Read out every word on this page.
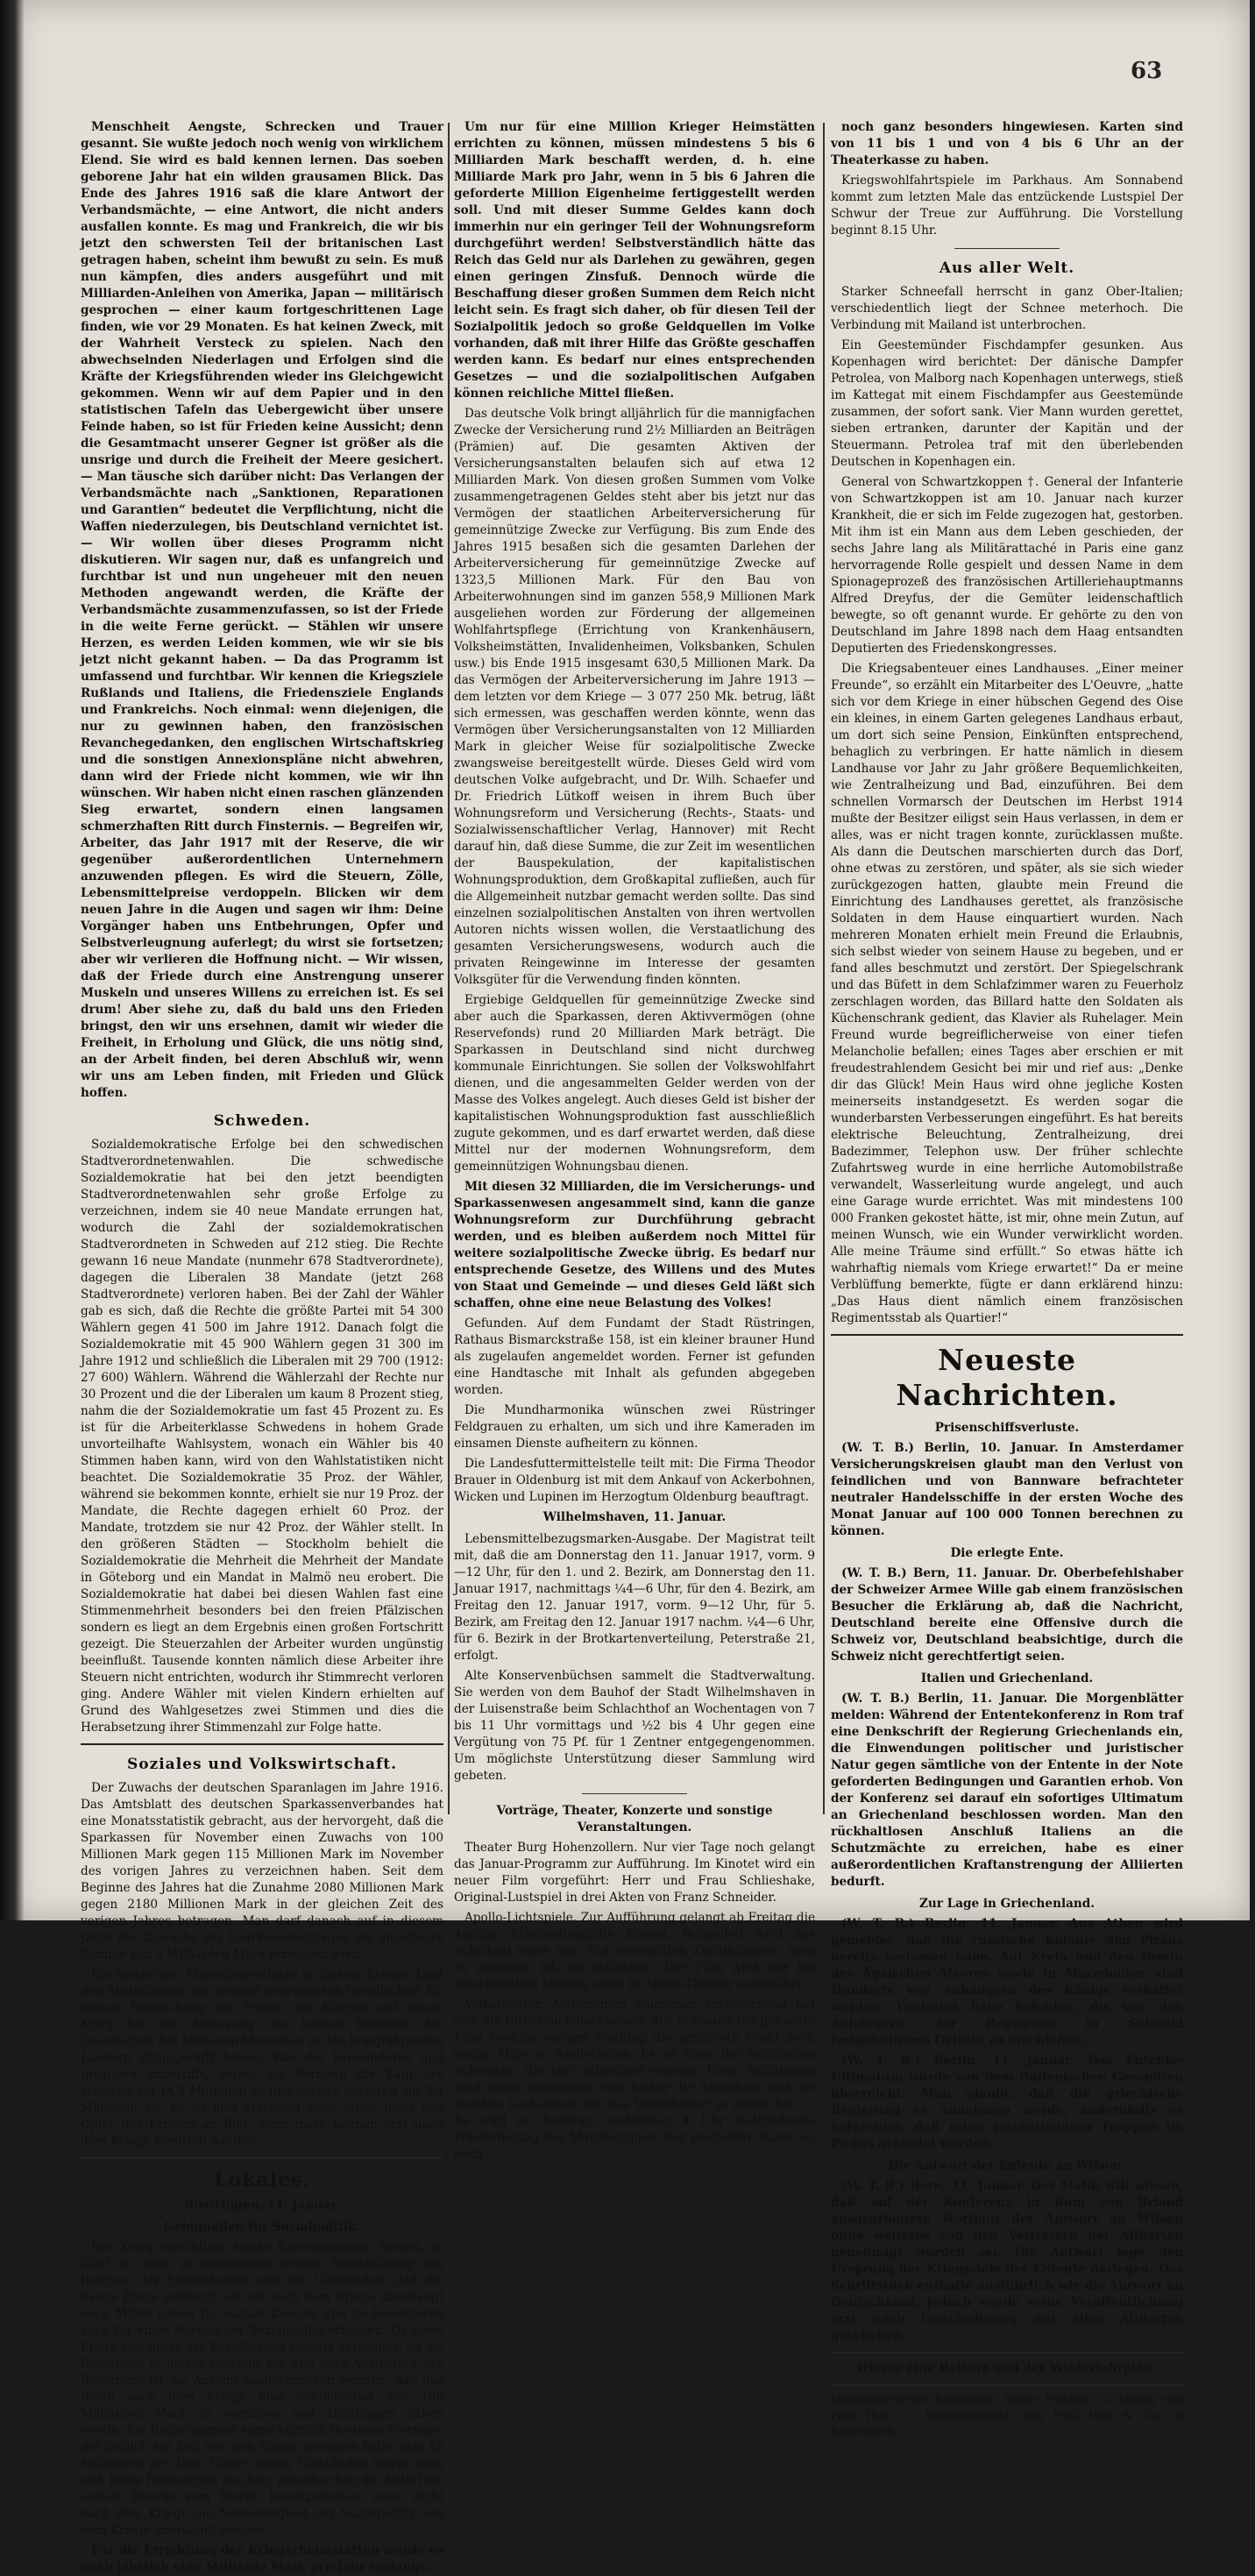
63

Menschheit Aengste, Schrecken und Trauer gesannt. Sie wußte jedoch noch wenig von wirklichem Elend. Sie wird es bald kennen lernen. Das soeben geborene Jahr hat ein wilden grausamen Blick. Das Ende des Jahres 1916 saß die klare Antwort der Verbandsmächte, — eine Antwort, die nicht anders ausfallen konnte. Es mag und Frankreich, die wir bis jetzt den schwersten Teil der britanischen Last getragen haben, scheint ihm bewußt zu sein. Es muß nun kämpfen, dies anders ausgeführt und mit Milliarden-Anleihen von Amerika, Japan — militärisch gesprochen — einer kaum fortgeschrittenen Lage finden, wie vor 29 Monaten. Es hat keinen Zweck, mit der Wahrheit Versteck zu spielen. Nach den abwechselnden Niederlagen und Erfolgen sind die Kräfte der Kriegsführenden wieder ins Gleichgewicht gekommen. Wenn wir auf dem Papier und in den statistischen Tafeln das Uebergewicht über unsere Feinde haben, so ist für Frieden keine Aussicht; denn die Gesamtmacht unserer Gegner ist größer als die unsrige und durch die Freiheit der Meere gesichert. — Man täusche sich darüber nicht: Das Verlangen der Verbandsmächte nach „Sanktionen, Reparationen und Garantien“ bedeutet die Verpflichtung, nicht die Waffen niederzulegen, bis Deutschland vernichtet ist. — Wir wollen über dieses Programm nicht diskutieren. Wir sagen nur, daß es unfangreich und furchtbar ist und nun ungeheuer mit den neuen Methoden angewandt werden, die Kräfte der Verbandsmächte zusammenzufassen, so ist der Friede in die weite Ferne gerückt. — Stählen wir unsere Herzen, es werden Leiden kommen, wie wir sie bis jetzt nicht gekannt haben. — Da das Programm ist umfassend und furchtbar. Wir kennen die Kriegsziele Rußlands und Italiens, die Friedensziele Englands und Frankreichs. Noch einmal: wenn diejenigen, die nur zu gewinnen haben, den französischen Revanchegedanken, den englischen Wirtschaftskrieg und die sonstigen Annexionspläne nicht abwehren, dann wird der Friede nicht kommen, wie wir ihn wünschen. Wir haben nicht einen raschen glänzenden Sieg erwartet, sondern einen langsamen schmerzhaften Ritt durch Finsternis. — Begreifen wir, Arbeiter, das Jahr 1917 mit der Reserve, die wir gegenüber außerordentlichen Unternehmern anzuwenden pflegen. Es wird die Steuern, Zölle, Lebensmittelpreise verdoppeln. Blicken wir dem neuen Jahre in die Augen und sagen wir ihm: Deine Vorgänger haben uns Entbehrungen, Opfer und Selbstverleugnung auferlegt; du wirst sie fortsetzen; aber wir verlieren die Hoffnung nicht. — Wir wissen, daß der Friede durch eine Anstrengung unserer Muskeln und unseres Willens zu erreichen ist. Es sei drum! Aber siehe zu, daß du bald uns den Frieden bringst, den wir uns ersehnen, damit wir wieder die Freiheit, in Erholung und Glück, die uns nötig sind, an der Arbeit finden, bei deren Abschluß wir, wenn wir uns am Leben finden, mit Frieden und Glück hoffen.

Schweden.

Sozialdemokratische Erfolge bei den schwedischen Stadtverordnetenwahlen. Die schwedische Sozialdemokratie hat bei den jetzt beendigten Stadtverordnetenwahlen sehr große Erfolge zu verzeichnen, indem sie 40 neue Mandate errungen hat, wodurch die Zahl der sozialdemokratischen Stadtverordneten in Schweden auf 212 stieg. Die Rechte gewann 16 neue Mandate (nunmehr 678 Stadtverordnete), dagegen die Liberalen 38 Mandate (jetzt 268 Stadtverordnete) verloren haben. Bei der Zahl der Wähler gab es sich, daß die Rechte die größte Partei mit 54 300 Wählern gegen 41 500 im Jahre 1912. Danach folgt die Sozialdemokratie mit 45 900 Wählern gegen 31 300 im Jahre 1912 und schließlich die Liberalen mit 29 700 (1912: 27 600) Wählern. Während die Wählerzahl der Rechte nur 30 Prozent und die der Liberalen um kaum 8 Prozent stieg, nahm die der Sozialdemokratie um fast 45 Prozent zu. Es ist für die Arbeiterklasse Schwedens in hohem Grade unvorteilhafte Wahlsystem, wonach ein Wähler bis 40 Stimmen haben kann, wird von den Wahlstatistiken nicht beachtet. Die Sozialdemokratie 35 Proz. der Wähler, während sie bekommen konnte, erhielt sie nur 19 Proz. der Mandate, die Rechte dagegen erhielt 60 Proz. der Mandate, trotzdem sie nur 42 Proz. der Wähler stellt. In den größeren Städten — Stockholm behielt die Sozialdemokratie die Mehrheit die Mehrheit der Mandate in Göteborg und ein Mandat in Malmö neu erobert. Die Sozialdemokratie hat dabei bei diesen Wahlen fast eine Stimmenmehrheit besonders bei den freien Pfälzischen sondern es liegt an dem Ergebnis einen großen Fortschritt gezeigt. Die Steuerzahlen der Arbeiter wurden ungünstig beeinflußt. Tausende konnten nämlich diese Arbeiter ihre Steuern nicht entrichten, wodurch ihr Stimmrecht verloren ging. Andere Wähler mit vielen Kindern erhielten auf Grund des Wahlgesetzes zwei Stimmen und dies die Herabsetzung ihrer Stimmenzahl zur Folge hatte.

Soziales und Volkswirtschaft.

Der Zuwachs der deutschen Sparanlagen im Jahre 1916. Das Amtsblatt des deutschen Sparkassenverbandes hat eine Monatsstatistik gebracht, aus der hervorgeht, daß die Sparkassen für November einen Zuwachs von 100 Millionen Mark gegen 115 Millionen Mark im November des vorigen Jahres zu verzeichnen haben. Seit dem Beginne des Jahres hat die Zunahme 2080 Millionen Mark gegen 2180 Millionen Mark in der gleichen Zeit des vorigen Jahres betragen. Man darf danach auf in diesem Jahre der Zuwachs der Sparkasseneinlagen die ungeheure Summe von 3 Milliarden Mark erreichen wird.

Die bisherigen Menschenverluste in diesem Kriege. Laut den Mitteilungen der neutral gegründeten Gesellschaft für soziale Erforschung der Folgen des Krieges soll dieser Krieg bis zur Ablassung des letzten Bulletins der Gesellschaft 4,6 Millionen Menschen in den kriegführenden Ländern dahingerafft haben. Was die Verwundeten und Invaliden anbetrifft, geben die Berichte die Zahl der ersteren auf 14,2 Millionen an und die der letzteren auf 3,4 Millionen an. Es ist also erschöpft noch lange nicht alle Opfer des Krieges an Blut, denn diese können erst nach dem Kriege ermittelt werden.

Lokales.
Rüstringen, 11. Januar.
Geldquellen für Sozialpolitik.

Der Krieg verschlingt solche Riesensummen, Geldes, er führt zu einer so ungeheuren großen Verschuldung des Reiches, der Einzelstaaten und der Gemeinden, daß die bange Frage aufsteigt, ob wir nach dem Kriege überhaupt noch Mittel haben für soziale Zwecke und im besonderen auch für einen Ausbau der Sozialpolitik erlauben. Da diese Frage sich unter der Bevölkerung ständig verbreitet, ob die Regierung in dieser Hinsicht vor und nach Vertretern der Regierung ist die Ansicht ausgesprochen worden, daß das Reich nach dem Kriege eine Schuldenlast von 100 Milliarden Mark zu verzinsen und abzutragen haben werde. Ein Regierungsrat sagte kürzlich in einem Vortrage, der freilich zur Zeit vor dem Kriege betragen habe, also 12 Milliarden pro Jahr. Unter diesen Umständen werde man sich keine Hoffnungen machen, jedoch schon die Mittel für soziale Zwecke vom Reiche bereitzustellen, wenn nicht nach dem Kriege die Notwendigkeit der Sozialpolitik von dem Kriege anerkannt werden.

Für die Errichtung der Kriegerheimstätten würde es auch jährlich eine Milliarde Mark pro Jahr verlangt.

Um nur für eine Million Krieger Heimstätten errichten zu können, müssen mindestens 5 bis 6 Milliarden Mark beschafft werden, d. h. eine Milliarde Mark pro Jahr, wenn in 5 bis 6 Jahren die geforderte Million Eigenheime fertiggestellt werden soll. Und mit dieser Summe Geldes kann doch immerhin nur ein geringer Teil der Wohnungsreform durchgeführt werden! Selbstverständlich hätte das Reich das Geld nur als Darlehen zu gewähren, gegen einen geringen Zinsfuß. Dennoch würde die Beschaffung dieser großen Summen dem Reich nicht leicht sein. Es fragt sich daher, ob für diesen Teil der Sozialpolitik jedoch so große Geldquellen im Volke vorhanden, daß mit ihrer Hilfe das Größte geschaffen werden kann. Es bedarf nur eines entsprechenden Gesetzes — und die sozialpolitischen Aufgaben können reichliche Mittel fließen.

Das deutsche Volk bringt alljährlich für die mannigfachen Zwecke der Versicherung rund 2½ Milliarden an Beiträgen (Prämien) auf. Die gesamten Aktiven der Versicherungsanstalten belaufen sich auf etwa 12 Milliarden Mark. Von diesen großen Summen vom Volke zusammengetragenen Geldes steht aber bis jetzt nur das Vermögen der staatlichen Arbeiterversicherung für gemeinnützige Zwecke zur Verfügung. Bis zum Ende des Jahres 1915 besaßen sich die gesamten Darlehen der Arbeiterversicherung für gemeinnützige Zwecke auf 1323,5 Millionen Mark. Für den Bau von Arbeiterwohnungen sind im ganzen 558,9 Millionen Mark ausgeliehen worden zur Förderung der allgemeinen Wohlfahrtspflege (Errichtung von Krankenhäusern, Volksheimstätten, Invalidenheimen, Volksbanken, Schulen usw.) bis Ende 1915 insgesamt 630,5 Millionen Mark. Da das Vermögen der Arbeiterversicherung im Jahre 1913 — dem letzten vor dem Kriege — 3 077 250 Mk. betrug, läßt sich ermessen, was geschaffen werden könnte, wenn das Vermögen über Versicherungsanstalten von 12 Milliarden Mark in gleicher Weise für sozialpolitische Zwecke zwangsweise bereitgestellt würde. Dieses Geld wird vom deutschen Volke aufgebracht, und Dr. Wilh. Schaefer und Dr. Friedrich Lütkoff weisen in ihrem Buch über Wohnungsreform und Versicherung (Rechts-, Staats- und Sozialwissenschaftlicher Verlag, Hannover) mit Recht darauf hin, daß diese Summe, die zur Zeit im wesentlichen der Bauspekulation, der kapitalistischen Wohnungsproduktion, dem Großkapital zufließen, auch für die Allgemeinheit nutzbar gemacht werden sollte. Das sind einzelnen sozialpolitischen Anstalten von ihren wertvollen Autoren nichts wissen wollen, die Verstaatlichung des gesamten Versicherungswesens, wodurch auch die privaten Reingewinne im Interesse der gesamten Volksgüter für die Verwendung finden könnten.

Ergiebige Geldquellen für gemeinnützige Zwecke sind aber auch die Sparkassen, deren Aktivvermögen (ohne Reservefonds) rund 20 Milliarden Mark beträgt. Die Sparkassen in Deutschland sind nicht durchweg kommunale Einrichtungen. Sie sollen der Volkswohlfahrt dienen, und die angesammelten Gelder werden von der Masse des Volkes angelegt. Auch dieses Geld ist bisher der kapitalistischen Wohnungsproduktion fast ausschließlich zugute gekommen, und es darf erwartet werden, daß diese Mittel nur der modernen Wohnungsreform, dem gemeinnützigen Wohnungsbau dienen.

Mit diesen 32 Milliarden, die im Versicherungs- und Sparkassenwesen angesammelt sind, kann die ganze Wohnungsreform zur Durchführung gebracht werden, und es bleiben außerdem noch Mittel für weitere sozialpolitische Zwecke übrig. Es bedarf nur entsprechende Gesetze, des Willens und des Mutes von Staat und Gemeinde — und dieses Geld läßt sich schaffen, ohne eine neue Belastung des Volkes!

Gefunden. Auf dem Fundamt der Stadt Rüstringen, Rathaus Bismarckstraße 158, ist ein kleiner brauner Hund als zugelaufen angemeldet worden. Ferner ist gefunden eine Handtasche mit Inhalt als gefunden abgegeben worden.

Die Mundharmonika wünschen zwei Rüstringer Feldgrauen zu erhalten, um sich und ihre Kameraden im einsamen Dienste aufheitern zu können.

Die Landesfuttermittelstelle teilt mit: Die Firma Theodor Brauer in Oldenburg ist mit dem Ankauf von Ackerbohnen, Wicken und Lupinen im Herzogtum Oldenburg beauftragt.

Wilhelmshaven, 11. Januar.

Lebensmittelbezugsmarken-Ausgabe. Der Magistrat teilt mit, daß die am Donnerstag den 11. Januar 1917, vorm. 9—12 Uhr, für den 1. und 2. Bezirk, am Donnerstag den 11. Januar 1917, nachmittags ¼4—6 Uhr, für den 4. Bezirk, am Freitag den 12. Januar 1917, vorm. 9—12 Uhr, für 5. Bezirk, am Freitag den 12. Januar 1917 nachm. ¼4—6 Uhr, für 6. Bezirk in der Brotkartenverteilung, Peterstraße 21, erfolgt.

Alte Konservenbüchsen sammelt die Stadtverwaltung. Sie werden von dem Bauhof der Stadt Wilhelmshaven in der Luisenstraße beim Schlachthof an Wochentagen von 7 bis 11 Uhr vormittags und ½2 bis 4 Uhr gegen eine Vergütung von 75 Pf. für 1 Zentner entgegengenommen. Um möglichste Unterstützung dieser Sammlung wird gebeten.

Vorträge, Theater, Konzerte und sonstige Veranstaltungen.

Theater Burg Hohenzollern. Nur vier Tage noch gelangt das Januar-Programm zur Aufführung. Im Kinotet wird ein neuer Film vorgeführt: Herr und Frau Schlieshake, Original-Lustspiel in drei Akten von Franz Schneider.

Apollo-Lichtspiele. Zur Aufführung gelangt ab Freitag die 4aktige Kriminaltragödie Kismet. Behandelt wird das Schicksal eines zum Tod verurteilten Zuchthäuslers, dem es gelungen ist, zu entfliehen. Der Film wird nur bis einschließlich Montag allein in Apollo-Theater aufgeführt.

Volkstheater. Allgemeinen Wünschen entsprechend hat sich die Direktion entschlossen, den Schwank Die geborgte Frau (welche vorigen Sonntag die gemietete Frau) noch einige Male zu wiederholen. Es ist einer der leichtesten Schwänke, die hier aufgeführt wurden. Diese Aufführung wird sogar wiederholt, was bisher die Aufnahme und die meisten Lachsalven, die das Volkstheater je erlebt hat. — Es wird an Sonntag nachmittag 4 Uhr stattfindende Wiederholung des Märchenspiels Der gestiefelte Kater sei noch

noch ganz besonders hingewiesen. Karten sind von 11 bis 1 und von 4 bis 6 Uhr an der Theaterkasse zu haben.

Kriegswohlfahrtspiele im Parkhaus. Am Sonnabend kommt zum letzten Male das entzückende Lustspiel Der Schwur der Treue zur Aufführung. Die Vorstellung beginnt 8.15 Uhr.

Aus aller Welt.

Starker Schneefall herrscht in ganz Ober-Italien; verschiedentlich liegt der Schnee meterhoch. Die Verbindung mit Mailand ist unterbrochen.

Ein Geestemünder Fischdampfer gesunken. Aus Kopenhagen wird berichtet: Der dänische Dampfer Petrolea, von Malborg nach Kopenhagen unterwegs, stieß im Kattegat mit einem Fischdampfer aus Geestemünde zusammen, der sofort sank. Vier Mann wurden gerettet, sieben ertranken, darunter der Kapitän und der Steuermann. Petrolea traf mit den überlebenden Deutschen in Kopenhagen ein.

General von Schwartzkoppen †. General der Infanterie von Schwartzkoppen ist am 10. Januar nach kurzer Krankheit, die er sich im Felde zugezogen hat, gestorben. Mit ihm ist ein Mann aus dem Leben geschieden, der sechs Jahre lang als Militärattaché in Paris eine ganz hervorragende Rolle gespielt und dessen Name in dem Spionageprozeß des französischen Artilleriehauptmanns Alfred Dreyfus, der die Gemüter leidenschaftlich bewegte, so oft genannt wurde. Er gehörte zu den von Deutschland im Jahre 1898 nach dem Haag entsandten Deputierten des Friedenskongresses.

Die Kriegsabenteuer eines Landhauses. „Einer meiner Freunde“, so erzählt ein Mitarbeiter des L'Oeuvre, „hatte sich vor dem Kriege in einer hübschen Gegend des Oise ein kleines, in einem Garten gelegenes Landhaus erbaut, um dort sich seine Pension, Einkünften entsprechend, behaglich zu verbringen. Er hatte nämlich in diesem Landhause vor Jahr zu Jahr größere Bequemlichkeiten, wie Zentralheizung und Bad, einzuführen. Bei dem schnellen Vormarsch der Deutschen im Herbst 1914 mußte der Besitzer eiligst sein Haus verlassen, in dem er alles, was er nicht tragen konnte, zurücklassen mußte. Als dann die Deutschen marschierten durch das Dorf, ohne etwas zu zerstören, und später, als sie sich wieder zurückgezogen hatten, glaubte mein Freund die Einrichtung des Landhauses gerettet, als französische Soldaten in dem Hause einquartiert wurden. Nach mehreren Monaten erhielt mein Freund die Erlaubnis, sich selbst wieder von seinem Hause zu begeben, und er fand alles beschmutzt und zerstört. Der Spiegelschrank und das Büfett in dem Schlafzimmer waren zu Feuerholz zerschlagen worden, das Billard hatte den Soldaten als Küchenschrank gedient, das Klavier als Ruhelager. Mein Freund wurde begreiflicherweise von einer tiefen Melancholie befallen; eines Tages aber erschien er mit freudestrahlendem Gesicht bei mir und rief aus: „Denke dir das Glück! Mein Haus wird ohne jegliche Kosten meinerseits instandgesetzt. Es werden sogar die wunderbarsten Verbesserungen eingeführt. Es hat bereits elektrische Beleuchtung, Zentralheizung, drei Badezimmer, Telephon usw. Der früher schlechte Zufahrtsweg wurde in eine herrliche Automobilstraße verwandelt, Wasserleitung wurde angelegt, und auch eine Garage wurde errichtet. Was mit mindestens 100 000 Franken gekostet hätte, ist mir, ohne mein Zutun, auf meinen Wunsch, wie ein Wunder verwirklicht worden. Alle meine Träume sind erfüllt.“ So etwas hätte ich wahrhaftig niemals vom Kriege erwartet!“ Da er meine Verblüffung bemerkte, fügte er dann erklärend hinzu: „Das Haus dient nämlich einem französischen Regimentsstab als Quartier!“

Neueste Nachrichten.
Prisenschiffsverluste.

(W. T. B.) Berlin, 10. Januar. In Amsterdamer Versicherungskreisen glaubt man den Verlust von feindlichen und von Bannware befrachteter neutraler Handelsschiffe in der ersten Woche des Monat Januar auf 100 000 Tonnen berechnen zu können.

Die erlegte Ente.

(W. T. B.) Bern, 11. Januar. Dr. Oberbefehlshaber der Schweizer Armee Wille gab einem französischen Besucher die Erklärung ab, daß die Nachricht, Deutschland bereite eine Offensive durch die Schweiz vor, Deutschland beabsichtige, durch die Schweiz nicht gerechtfertigt seien.

Italien und Griechenland.

(W. T. B.) Berlin, 11. Januar. Die Morgenblätter melden: Während der Ententekonferenz in Rom traf eine Denkschrift der Regierung Griechenlands ein, die Einwendungen politischer und juristischer Natur gegen sämtliche von der Entente in der Note geforderten Bedingungen und Garantien erhob. Von der Konferenz sei darauf ein sofortiges Ultimatum an Griechenland beschlossen worden. Man den rückhaltlosen Anschluß Italiens an die Schutzmächte zu erreichen, habe es einer außerordentlichen Kraftanstrengung der Alliierten bedurft.

Zur Lage in Griechenland.

(W. T. B.) Berlin, 11. Januar. Aus Athen wird gemeldet, daß die russische Kolonie den Piräus bereits verlassen habe. Auf Kreta und den Inseln des Ägäischen Meeres sowie in Mazedonien sind Hunderte von Anhängern des Königs verhaftet worden. Venizelos habe befohlen, die von den Anhängern der Regierung in Saloniki festgehaltenen Geiseln zu erschießen.

(W. T. B.) Berlin, 11. Januar. Das Entente-Ultimatum wurde von dem italienischen Gesandten überreicht. Man glaubt, daß die griechische Regierung es annehmen werde, andernfalls es befürchtet, daß reine revolutionären Truppen im Piräus gelandet werden.

Die Antwort der Entente an Wilson.

(W. T. B.) Bern, 11. Januar. Der Matin will wissen, daß auf der Konferenz in Rom von Briand ausgearbeitete Wortlaut der Antwort an Wilson ohne weiteres von den Vertretern der Alliierten genehmigt worden sei. Die Antwort lege den Ursprung der Kriegsziele der Entente darlegen. Das Schriftstück enthalte ausführlich wie die Antwort an Deutschland, jedoch werde seine Veröffentlichung erst nach Verständigung mit allen Alliierten geschehen.

Hierzu eine Beilage und der Winterfahrplan.
Verantwortlicher Redakteur: Oskar Hünlich. — Verlag von Paul Hug. — Rotationsdruck von Paul Hug & Co. in Rüstringen.
